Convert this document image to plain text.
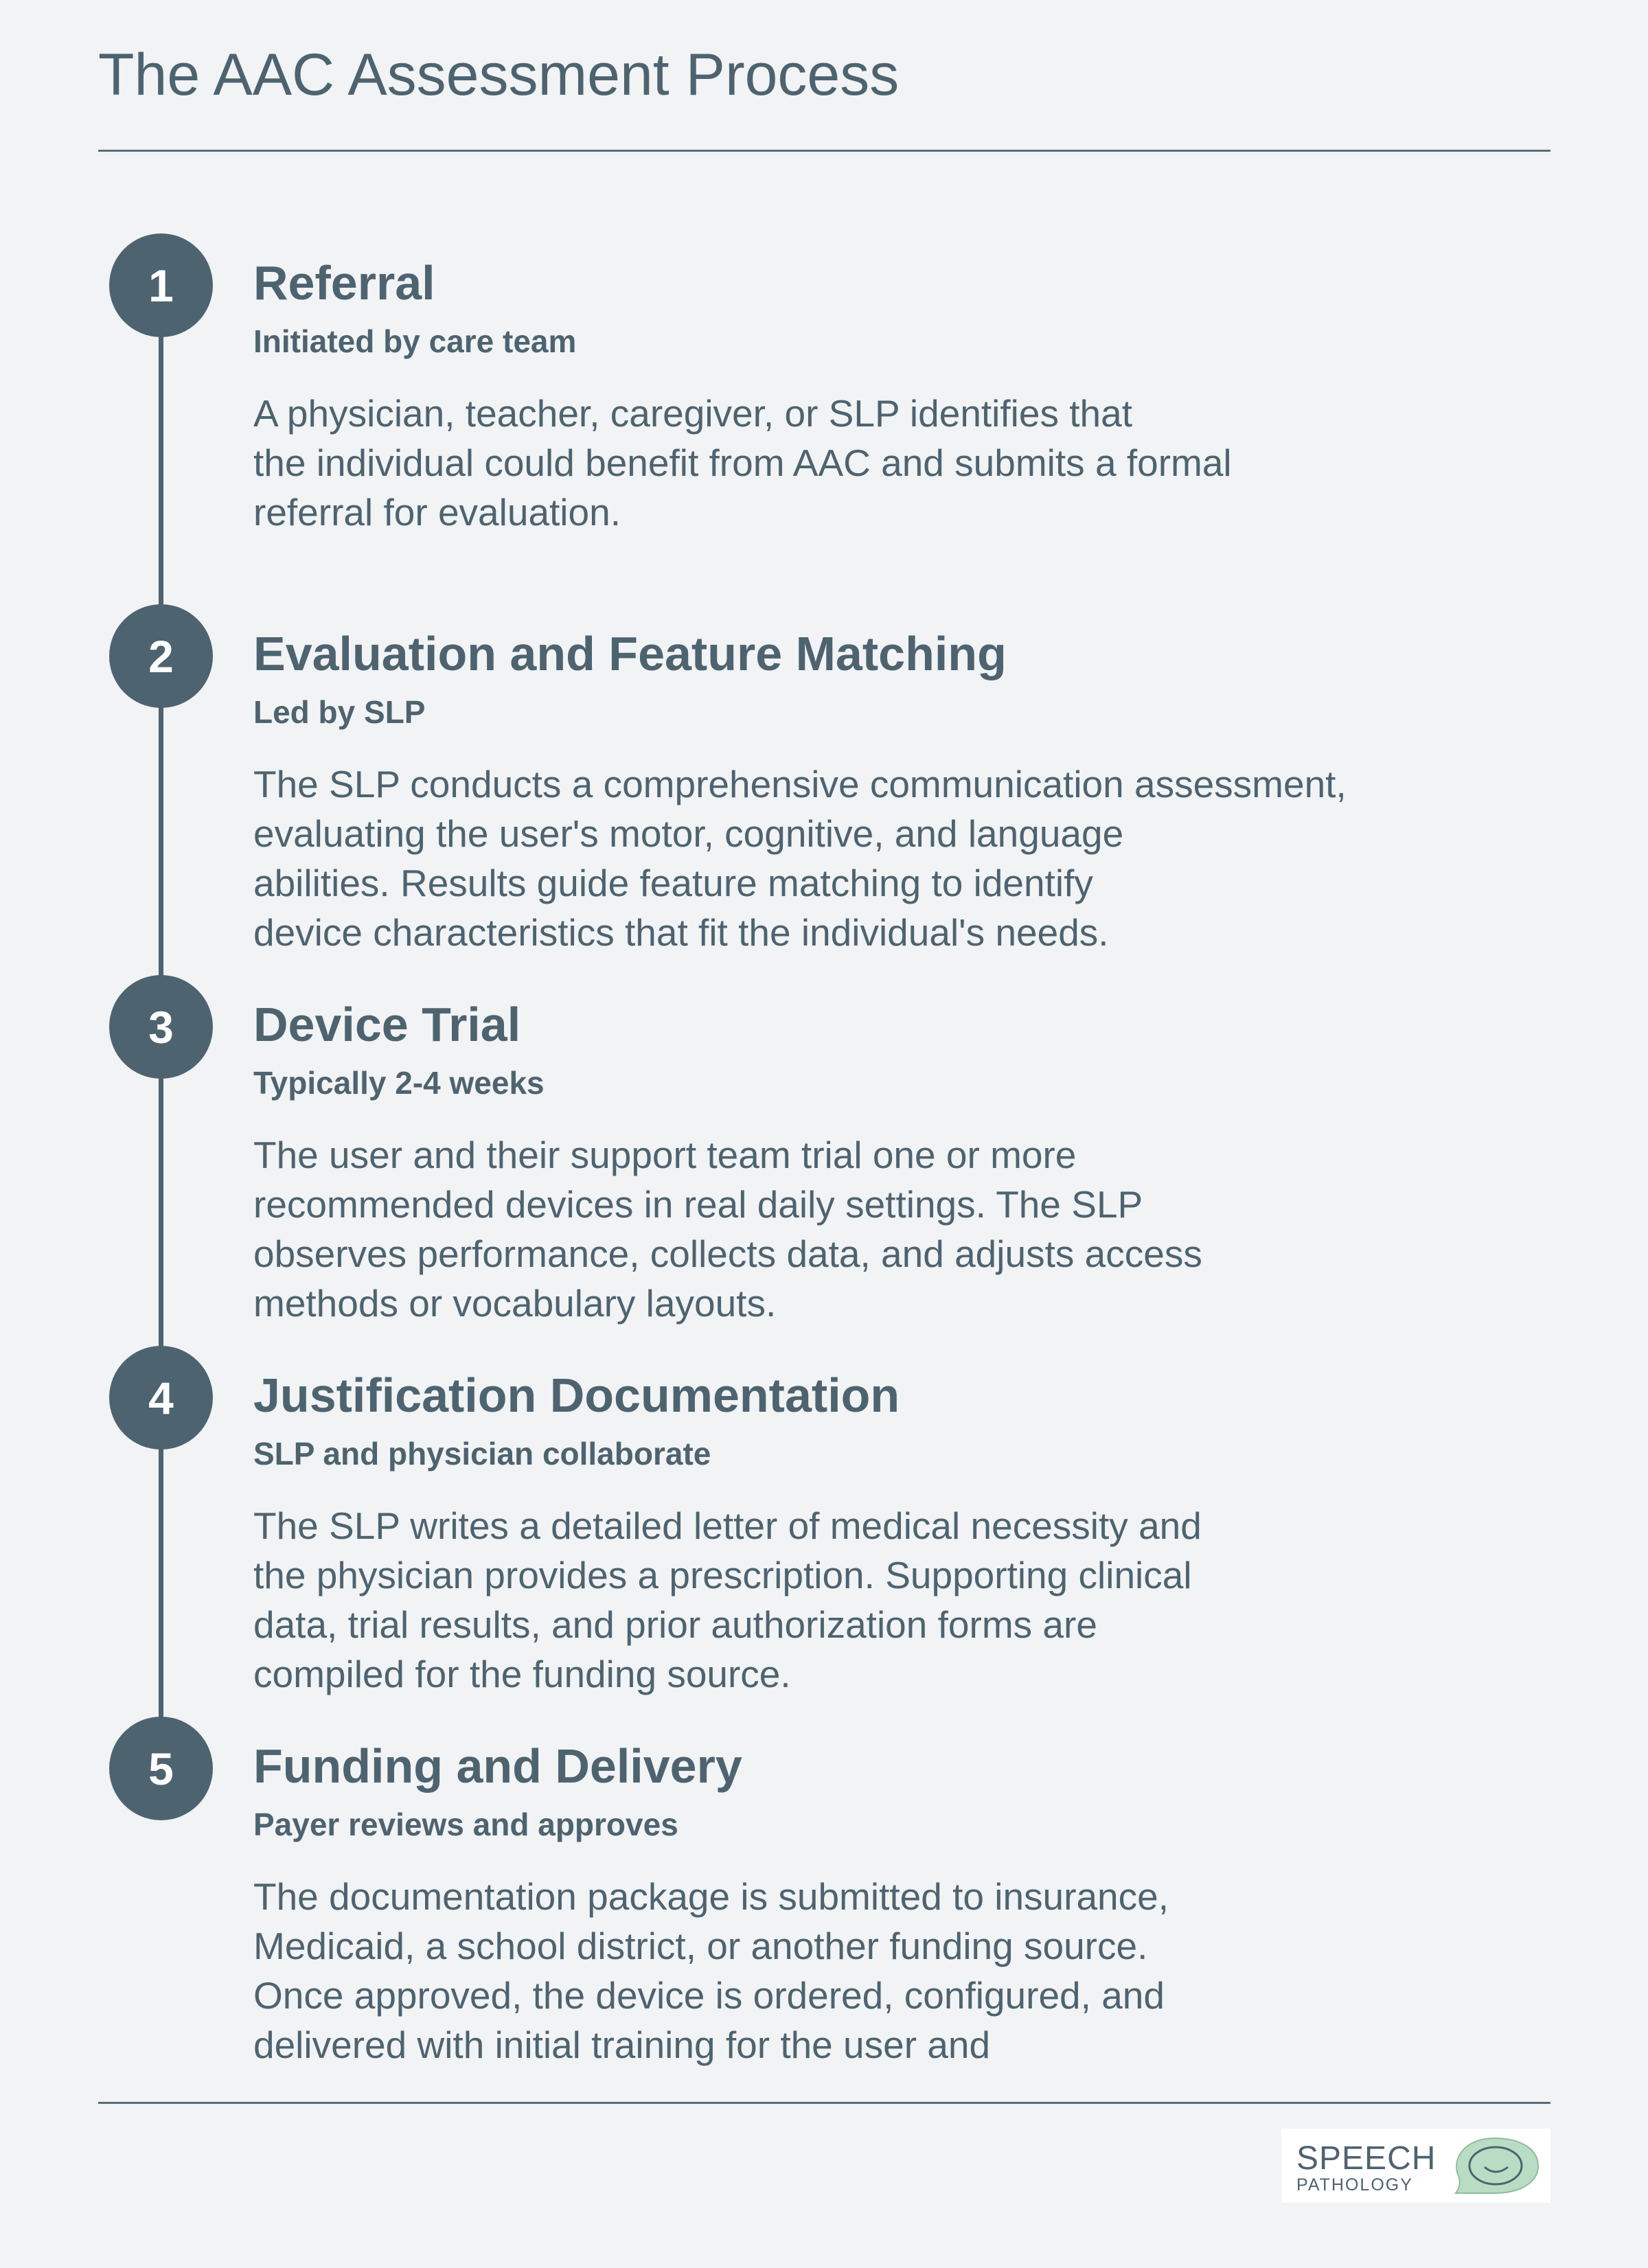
The AAC Assessment Process
1	Referral
Initiated by care team

A physician, teacher, caregiver, or SLP identifies that
the individual could benefit from AAC and submits a formal
referral for evaluation.

2	Evaluation and Feature Matching
Led by SLP

The SLP conducts a comprehensive communication assessment,
evaluating the user's motor, cognitive, and language
abilities. Results guide feature matching to identify
device characteristics that fit the individual's needs.

3	Device Trial
Typically 2-4 weeks

The user and their support team trial one or more
recommended devices in real daily settings. The SLP
observes performance, collects data, and adjusts access
methods or vocabulary layouts.

4	Justification Documentation
SLP and physician collaborate

The SLP writes a detailed letter of medical necessity and
the physician provides a prescription. Supporting clinical
data, trial results, and prior authorization forms are
compiled for the funding source.

5	Funding and Delivery
Payer reviews and approves

The documentation package is submitted to insurance,
Medicaid, a school district, or another funding source.
Once approved, the device is ordered, configured, and
delivered with initial training for the user and

SPEECH
PATHOLOGY
